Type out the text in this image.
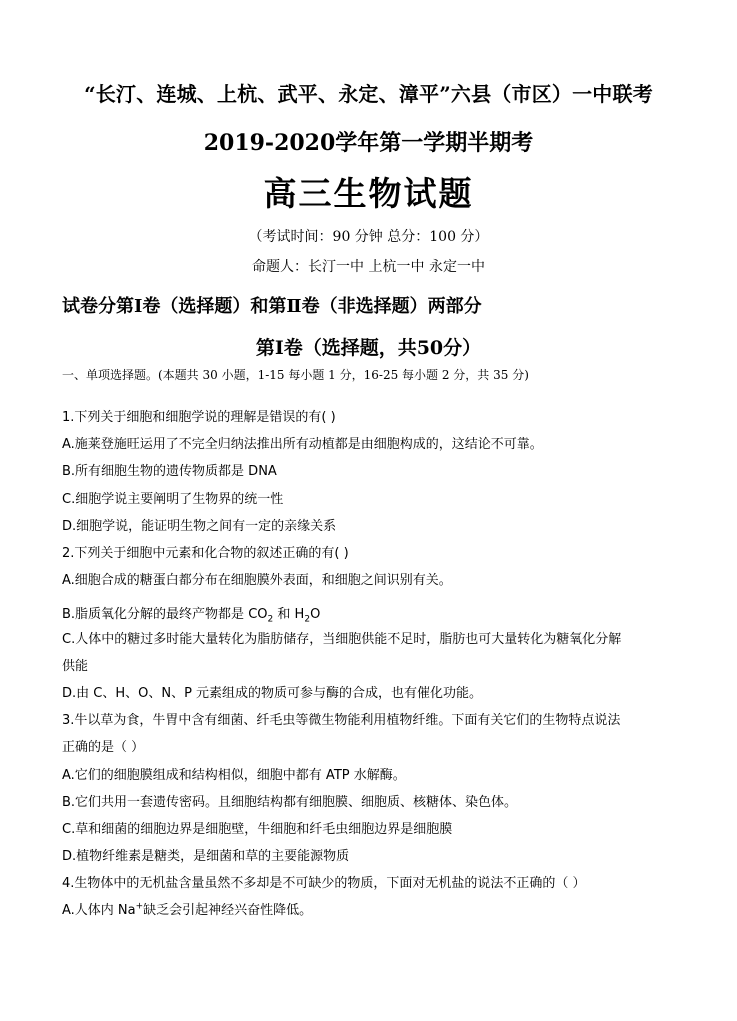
“长汀、连城、上杭、武平、永定、漳平”六县（市区）一中联考
2019-2020学年第一学期半期考
高三生物试题
（考试时间：90 分钟 总分：100 分）
命题人：长汀一中 上杭一中 永定一中
试卷分第Ⅰ卷（选择题）和第Ⅱ卷（非选择题）两部分
第Ⅰ卷（选择题，共50分）
一、单项选择题。(本题共 30 小题，1-15 每小题 1 分，16-25 每小题 2 分，共 35 分)
1.下列关于细胞和细胞学说的理解是错误的有( )
A.施莱登施旺运用了不完全归纳法推出所有动植都是由细胞构成的，这结论不可靠。
B.所有细胞生物的遗传物质都是 DNA
C.细胞学说主要阐明了生物界的统一性
D.细胞学说，能证明生物之间有一定的亲缘关系
2.下列关于细胞中元素和化合物的叙述正确的有( )
A.细胞合成的糖蛋白都分布在细胞膜外表面，和细胞之间识别有关。
B.脂质氧化分解的最终产物都是 $CO_2$ 和 $H_2O$
C.人体中的糖过多时能大量转化为脂肪储存，当细胞供能不足时，脂肪也可大量转化为糖氧化分解
供能
D.由 C、H、O、N、P 元素组成的物质可参与酶的合成，也有催化功能。
3.牛以草为食，牛胃中含有细菌、纤毛虫等微生物能利用植物纤维。下面有关它们的生物特点说法
正确的是（ ）
A.它们的细胞膜组成和结构相似，细胞中都有 ATP 水解酶。
B.它们共用一套遗传密码。且细胞结构都有细胞膜、细胞质、核糖体、染色体。
C.草和细菌的细胞边界是细胞壁，牛细胞和纤毛虫细胞边界是细胞膜
D.植物纤维素是糖类，是细菌和草的主要能源物质
4.生物体中的无机盐含量虽然不多却是不可缺少的物质，下面对无机盐的说法不正确的（ ）
A.人体内 Na+缺乏会引起神经兴奋性降低。
